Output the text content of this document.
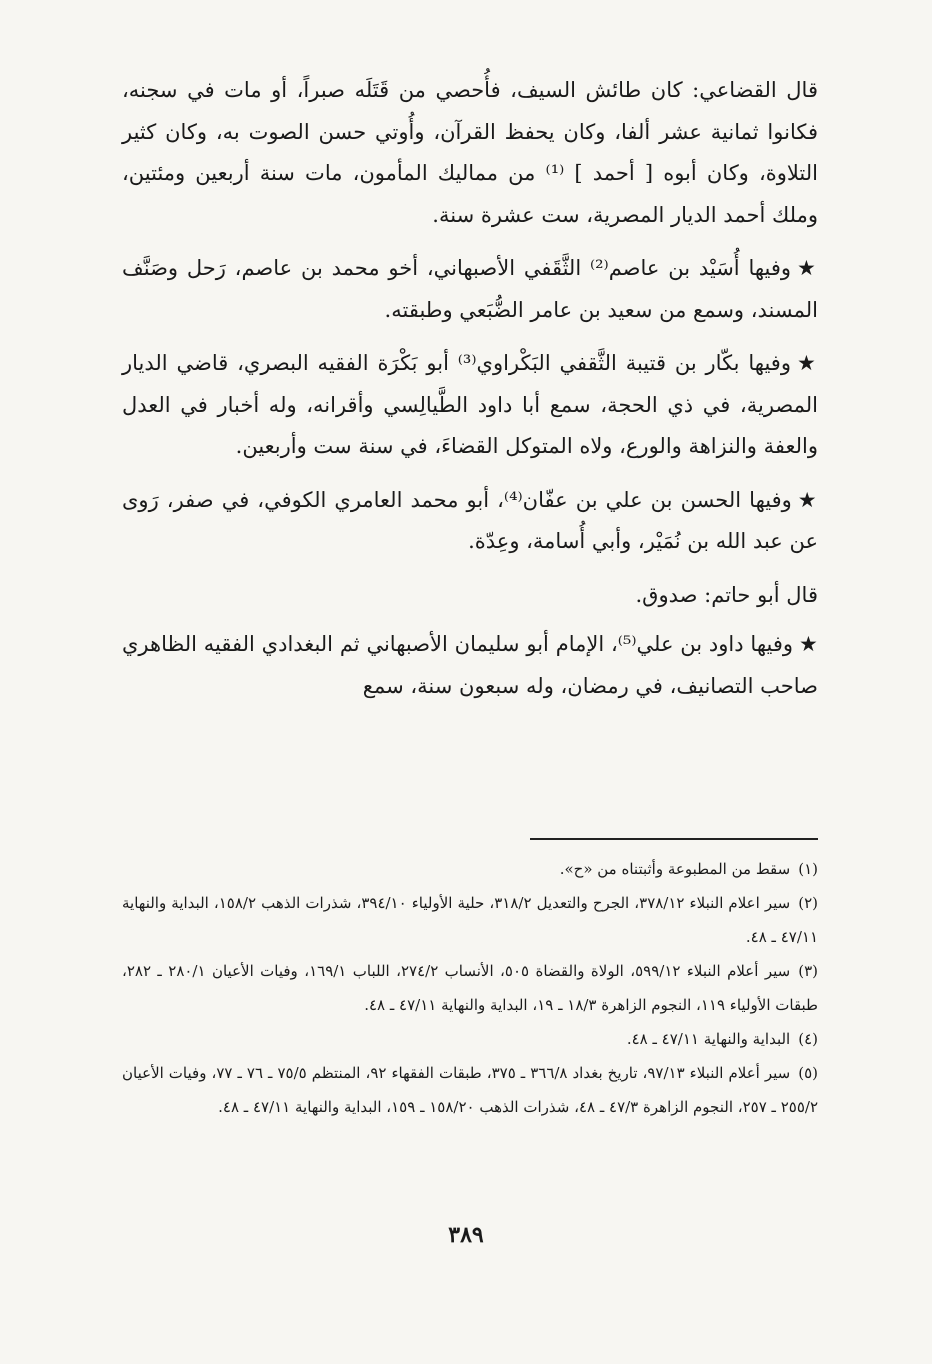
قال القضاعي: كان طائش السيف، فأُحصي من قَتَلَه صبراً، أو مات في سجنه، فكانوا ثمانية عشر ألفا، وكان يحفظ القرآن، وأُوتي حسن الصوت به، وكان كثير التلاوة، وكان أبوه [ أحمد ] ⁽¹⁾ من مماليك المأمون، مات سنة أربعين ومئتين، وملك أحمد الديار المصرية، ست عشرة سنة.

★وفيها أُسَيْد بن عاصم⁽²⁾ الثَّقَفي الأصبهاني، أخو محمد بن عاصم، رَحل وصَنَّف المسند، وسمع من سعيد بن عامر الضُّبَعي وطبقته.

★وفيها بكّار بن قتيبة الثَّقفي البَكْراوي⁽³⁾ أبو بَكْرَة الفقيه البصري، قاضي الديار المصرية، في ذي الحجة، سمع أبا داود الطَّيالِسي وأقرانه، وله أخبار في العدل والعفة والنزاهة والورع، ولاه المتوكل القضاءَ، في سنة ست وأربعين.

★وفيها الحسن بن علي بن عفّان⁽⁴⁾، أبو محمد العامري الكوفي، في صفر، رَوى عن عبد الله بن نُمَيْر، وأبي أُسامة، وعِدّة.

قال أبو حاتم: صدوق.

★وفيها داود بن علي⁽⁵⁾، الإمام أبو سليمان الأصبهاني ثم البغدادي الفقيه الظاهري صاحب التصانيف، في رمضان، وله سبعون سنة، سمع

(١)سقط من المطبوعة وأثبتناه من «ح».
(٢)سير اعلام النبلاء ٣٧٨/١٢، الجرح والتعديل ٣١٨/٢، حلية الأولياء ٣٩٤/١٠، شذرات الذهب ١٥٨/٢، البداية والنهاية ٤٧/١١ ـ ٤٨.
(٣)سير أعلام النبلاء ٥٩٩/١٢، الولاة والقضاة ٥٠٥، الأنساب ٢٧٤/٢، اللباب ١٦٩/١، وفيات الأعيان ٢٨٠/١ ـ ٢٨٢، طبقات الأولياء ١١٩، النجوم الزاهرة ١٨/٣ ـ ١٩، البداية والنهاية ٤٧/١١ ـ ٤٨.
(٤)البداية والنهاية ٤٧/١١ ـ ٤٨.
(٥)سير أعلام النبلاء ٩٧/١٣، تاريخ بغداد ٣٦٦/٨ ـ ٣٧٥، طبقات الفقهاء ٩٢، المنتظم ٧٥/٥ ـ ٧٦ ـ ٧٧، وفيات الأعيان ٢٥٥/٢ ـ ٢٥٧، النجوم الزاهرة ٤٧/٣ ـ ٤٨، شذرات الذهب ١٥٨/٢٠ ـ ١٥٩، البداية والنهاية ٤٧/١١ ـ ٤٨.
٣٨٩
